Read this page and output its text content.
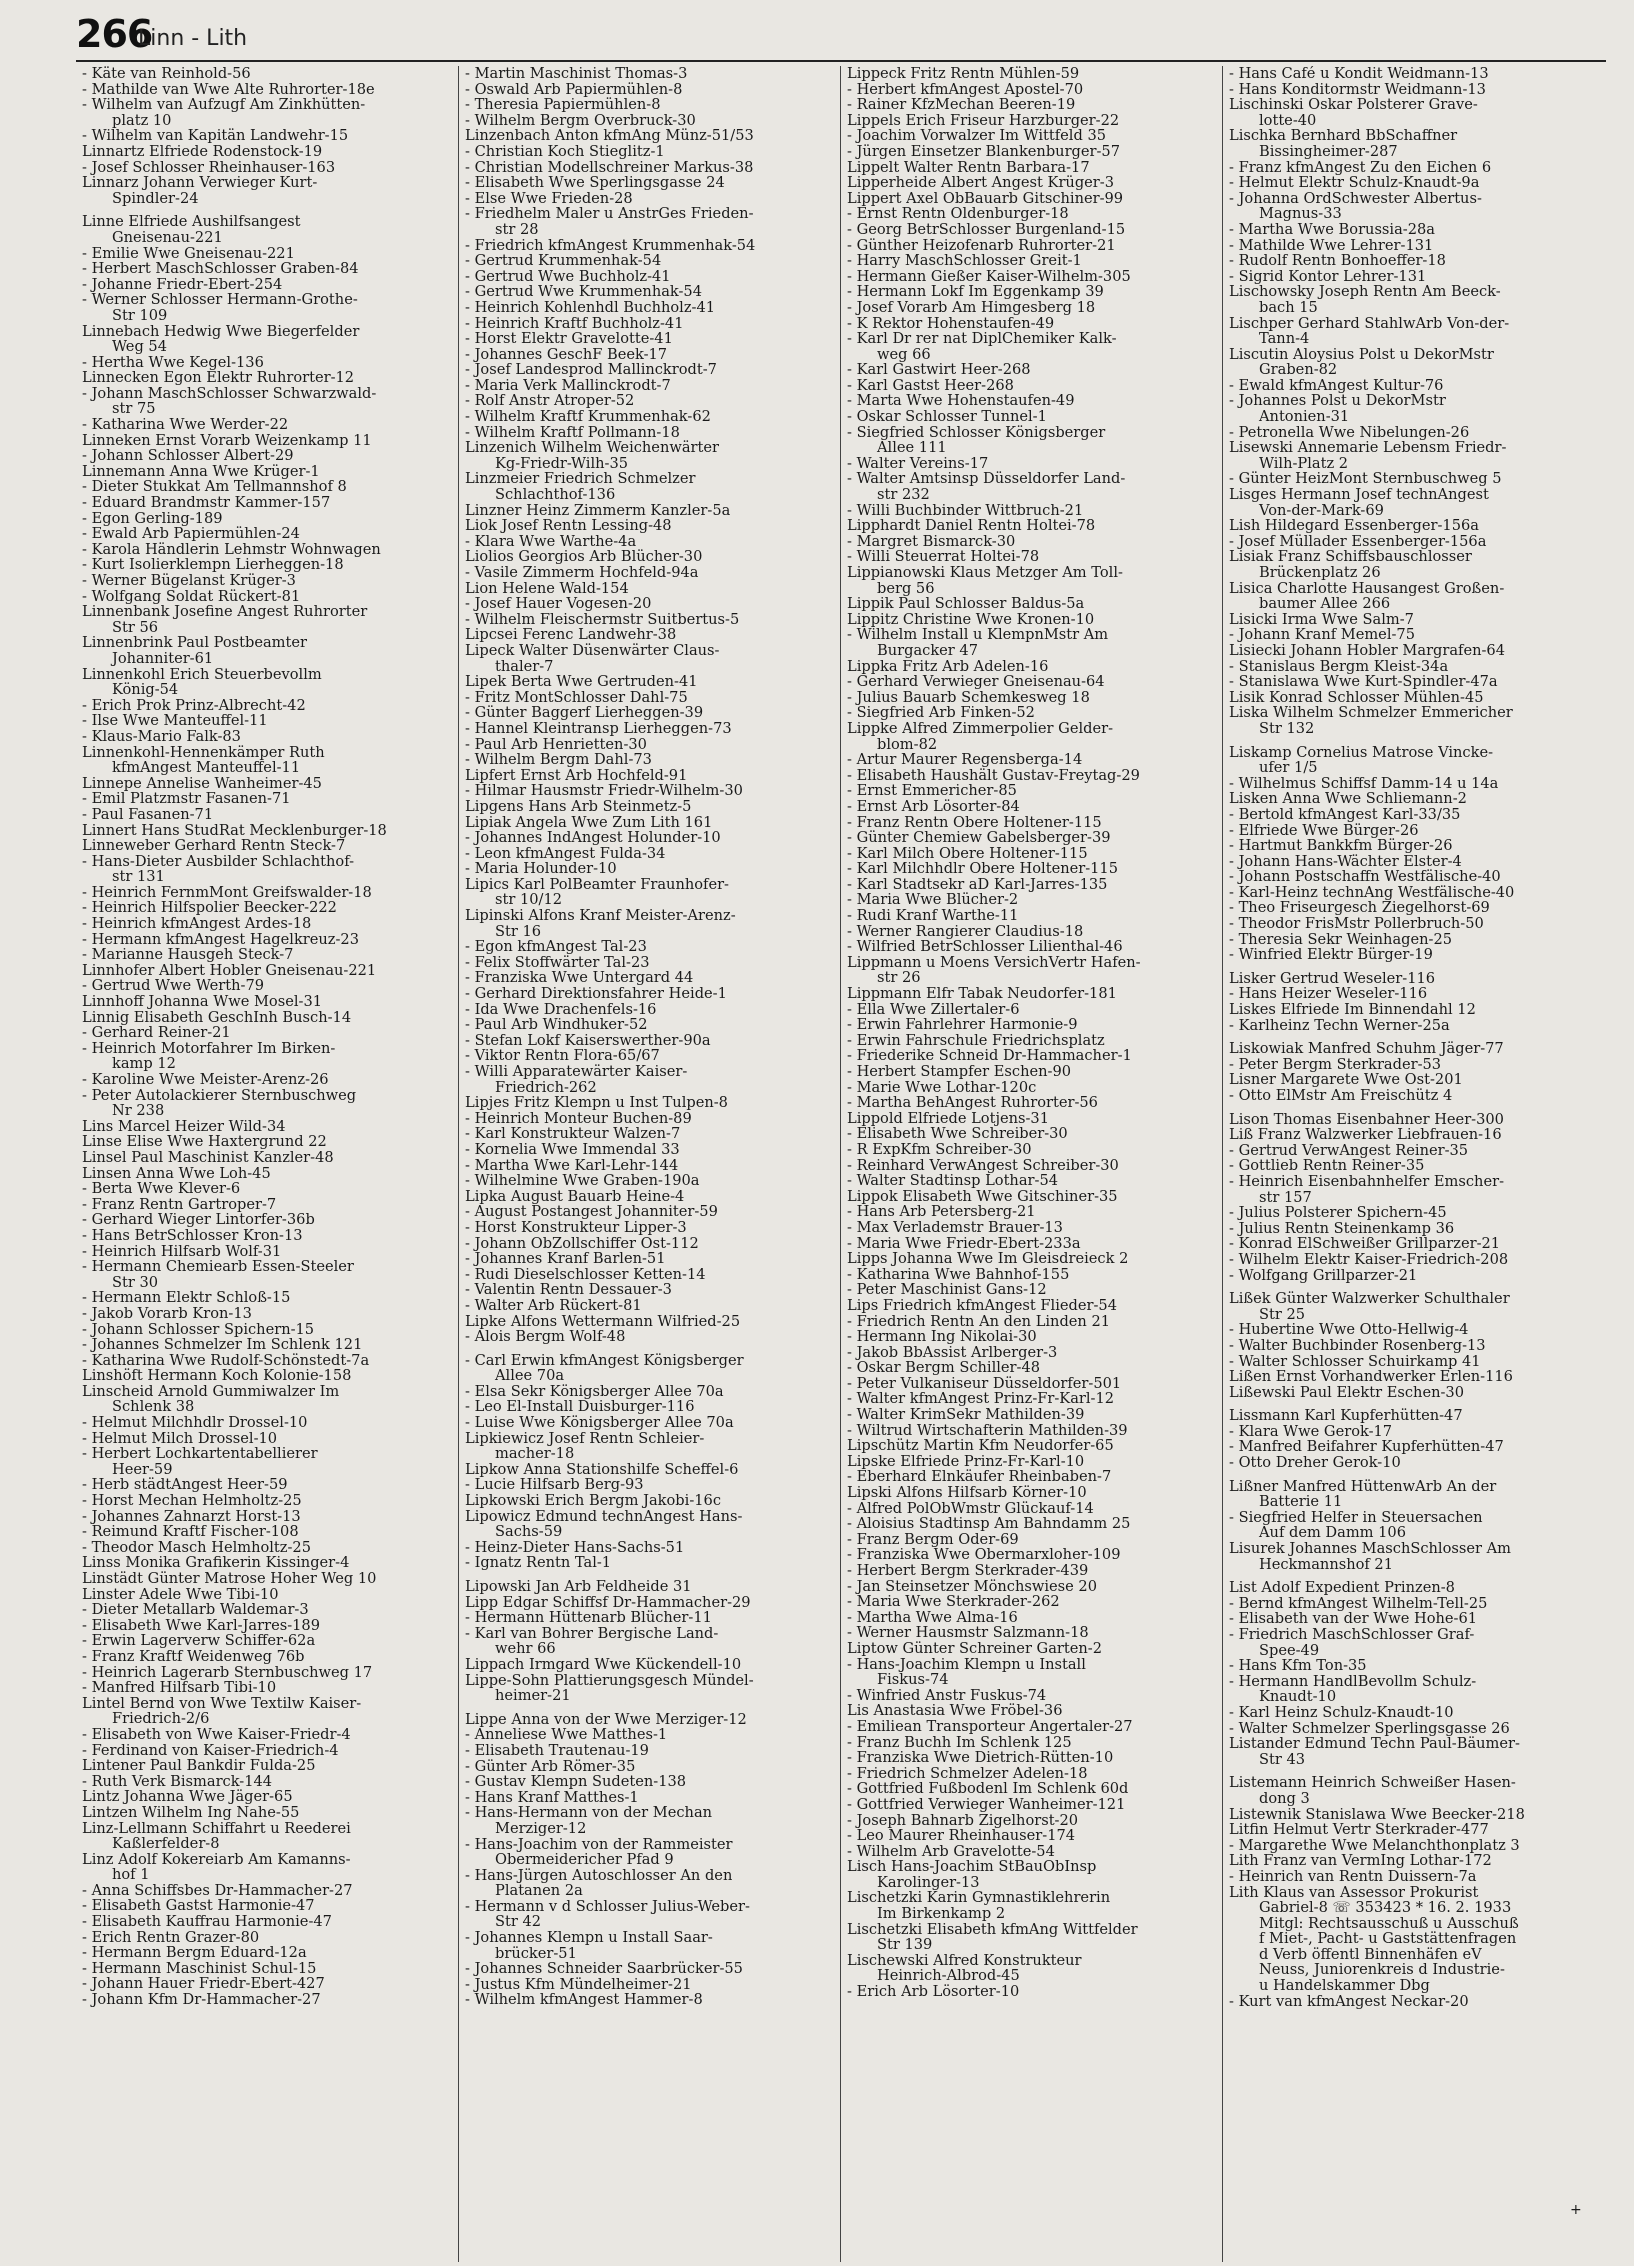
266
Linn - Lith
- Käte van Reinhold-56
- Mathilde van Wwe Alte Ruhrorter-18e
- Wilhelm van Aufzugf Am Zinkhütten-
platz 10
- Wilhelm van Kapitän Landwehr-15
Linnartz Elfriede Rodenstock-19
- Josef Schlosser Rheinhauser-163
Linnarz Johann Verwieger Kurt-
Spindler-24
Linne Elfriede Aushilfsangest
Gneisenau-221
- Emilie Wwe Gneisenau-221
- Herbert MaschSchlosser Graben-84
- Johanne Friedr-Ebert-254
- Werner Schlosser Hermann-Grothe-
Str 109
Linnebach Hedwig Wwe Biegerfelder
Weg 54
- Hertha Wwe Kegel-136
Linnecken Egon Elektr Ruhrorter-12
- Johann MaschSchlosser Schwarzwald-
str 75
- Katharina Wwe Werder-22
Linneken Ernst Vorarb Weizenkamp 11
- Johann Schlosser Albert-29
Linnemann Anna Wwe Krüger-1
- Dieter Stukkat Am Tellmannshof 8
- Eduard Brandmstr Kammer-157
- Egon Gerling-189
- Ewald Arb Papiermühlen-24
- Karola Händlerin Lehmstr Wohnwagen
- Kurt Isolierklempn Lierheggen-18
- Werner Bügelanst Krüger-3
- Wolfgang Soldat Rückert-81
Linnenbank Josefine Angest Ruhrorter
Str 56
Linnenbrink Paul Postbeamter
Johanniter-61
Linnenkohl Erich Steuerbevollm
König-54
- Erich Prok Prinz-Albrecht-42
- Ilse Wwe Manteuffel-11
- Klaus-Mario Falk-83
Linnenkohl-Hennenkämper Ruth
kfmAngest Manteuffel-11
Linnepe Annelise Wanheimer-45
- Emil Platzmstr Fasanen-71
- Paul Fasanen-71
Linnert Hans StudRat Mecklenburger-18
Linneweber Gerhard Rentn Steck-7
- Hans-Dieter Ausbilder Schlachthof-
str 131
- Heinrich FernmMont Greifswalder-18
- Heinrich Hilfspolier Beecker-222
- Heinrich kfmAngest Ardes-18
- Hermann kfmAngest Hagelkreuz-23
- Marianne Hausgeh Steck-7
Linnhofer Albert Hobler Gneisenau-221
- Gertrud Wwe Werth-79
Linnhoff Johanna Wwe Mosel-31
Linnig Elisabeth GeschInh Busch-14
- Gerhard Reiner-21
- Heinrich Motorfahrer Im Birken-
kamp 12
- Karoline Wwe Meister-Arenz-26
- Peter Autolackierer Sternbuschweg
Nr 238
Lins Marcel Heizer Wild-34
Linse Elise Wwe Haxtergrund 22
Linsel Paul Maschinist Kanzler-48
Linsen Anna Wwe Loh-45
- Berta Wwe Klever-6
- Franz Rentn Gartroper-7
- Gerhard Wieger Lintorfer-36b
- Hans BetrSchlosser Kron-13
- Heinrich Hilfsarb Wolf-31
- Hermann Chemiearb Essen-Steeler
Str 30
- Hermann Elektr Schloß-15
- Jakob Vorarb Kron-13
- Johann Schlosser Spichern-15
- Johannes Schmelzer Im Schlenk 121
- Katharina Wwe Rudolf-Schönstedt-7a
Linshöft Hermann Koch Kolonie-158
Linscheid Arnold Gummiwalzer Im
Schlenk 38
- Helmut Milchhdlr Drossel-10
- Helmut Milch Drossel-10
- Herbert Lochkartentabellierer
Heer-59
- Herb städtAngest Heer-59
- Horst Mechan Helmholtz-25
- Johannes Zahnarzt Horst-13
- Reimund Kraftf Fischer-108
- Theodor Masch Helmholtz-25
Linss Monika Grafikerin Kissinger-4
Linstädt Günter Matrose Hoher Weg 10
Linster Adele Wwe Tibi-10
- Dieter Metallarb Waldemar-3
- Elisabeth Wwe Karl-Jarres-189
- Erwin Lagerverw Schiffer-62a
- Franz Kraftf Weidenweg 76b
- Heinrich Lagerarb Sternbuschweg 17
- Manfred Hilfsarb Tibi-10
Lintel Bernd von Wwe Textilw Kaiser-
Friedrich-2/6
- Elisabeth von Wwe Kaiser-Friedr-4
- Ferdinand von Kaiser-Friedrich-4
Lintener Paul Bankdir Fulda-25
- Ruth Verk Bismarck-144
Lintz Johanna Wwe Jäger-65
Lintzen Wilhelm Ing Nahe-55
Linz-Lellmann Schiffahrt u Reederei
Kaßlerfelder-8
Linz Adolf Kokereiarb Am Kamanns-
hof 1
- Anna Schiffsbes Dr-Hammacher-27
- Elisabeth Gastst Harmonie-47
- Elisabeth Kauffrau Harmonie-47
- Erich Rentn Grazer-80
- Hermann Bergm Eduard-12a
- Hermann Maschinist Schul-15
- Johann Hauer Friedr-Ebert-427
- Johann Kfm Dr-Hammacher-27
- Martin Maschinist Thomas-3
- Oswald Arb Papiermühlen-8
- Theresia Papiermühlen-8
- Wilhelm Bergm Overbruck-30
Linzenbach Anton kfmAng Münz-51/53
- Christian Koch Stieglitz-1
- Christian Modellschreiner Markus-38
- Elisabeth Wwe Sperlingsgasse 24
- Else Wwe Frieden-28
- Friedhelm Maler u AnstrGes Frieden-
str 28
- Friedrich kfmAngest Krummenhak-54
- Gertrud Krummenhak-54
- Gertrud Wwe Buchholz-41
- Gertrud Wwe Krummenhak-54
- Heinrich Kohlenhdl Buchholz-41
- Heinrich Kraftf Buchholz-41
- Horst Elektr Gravelotte-41
- Johannes GeschF Beek-17
- Josef Landesprod Mallinckrodt-7
- Maria Verk Mallinckrodt-7
- Rolf Anstr Atroper-52
- Wilhelm Kraftf Krummenhak-62
- Wilhelm Kraftf Pollmann-18
Linzenich Wilhelm Weichenwärter
Kg-Friedr-Wilh-35
Linzmeier Friedrich Schmelzer
Schlachthof-136
Linzner Heinz Zimmerm Kanzler-5a
Liok Josef Rentn Lessing-48
- Klara Wwe Warthe-4a
Liolios Georgios Arb Blücher-30
- Vasile Zimmerm Hochfeld-94a
Lion Helene Wald-154
- Josef Hauer Vogesen-20
- Wilhelm Fleischermstr Suitbertus-5
Lipcsei Ferenc Landwehr-38
Lipeck Walter Düsenwärter Claus-
thaler-7
Lipek Berta Wwe Gertruden-41
- Fritz MontSchlosser Dahl-75
- Günter Baggerf Lierheggen-39
- Hannel Kleintransp Lierheggen-73
- Paul Arb Henrietten-30
- Wilhelm Bergm Dahl-73
Lipfert Ernst Arb Hochfeld-91
- Hilmar Hausmstr Friedr-Wilhelm-30
Lipgens Hans Arb Steinmetz-5
Lipiak Angela Wwe Zum Lith 161
- Johannes IndAngest Holunder-10
- Leon kfmAngest Fulda-34
- Maria Holunder-10
Lipics Karl PolBeamter Fraunhofer-
str 10/12
Lipinski Alfons Kranf Meister-Arenz-
Str 16
- Egon kfmAngest Tal-23
- Felix Stoffwärter Tal-23
- Franziska Wwe Untergard 44
- Gerhard Direktionsfahrer Heide-1
- Ida Wwe Drachenfels-16
- Paul Arb Windhuker-52
- Stefan Lokf Kaiserswerther-90a
- Viktor Rentn Flora-65/67
- Willi Apparatewärter Kaiser-
Friedrich-262
Lipjes Fritz Klempn u Inst Tulpen-8
- Heinrich Monteur Buchen-89
- Karl Konstrukteur Walzen-7
- Kornelia Wwe Immendal 33
- Martha Wwe Karl-Lehr-144
- Wilhelmine Wwe Graben-190a
Lipka August Bauarb Heine-4
- August Postangest Johanniter-59
- Horst Konstrukteur Lipper-3
- Johann ObZollschiffer Ost-112
- Johannes Kranf Barlen-51
- Rudi Dieselschlosser Ketten-14
- Valentin Rentn Dessauer-3
- Walter Arb Rückert-81
Lipke Alfons Wettermann Wilfried-25
- Alois Bergm Wolf-48
- Carl Erwin kfmAngest Königsberger
Allee 70a
- Elsa Sekr Königsberger Allee 70a
- Leo El-Install Duisburger-116
- Luise Wwe Königsberger Allee 70a
Lipkiewicz Josef Rentn Schleier-
macher-18
Lipkow Anna Stationshilfe Scheffel-6
- Lucie Hilfsarb Berg-93
Lipkowski Erich Bergm Jakobi-16c
Lipowicz Edmund technAngest Hans-
Sachs-59
- Heinz-Dieter Hans-Sachs-51
- Ignatz Rentn Tal-1
Lipowski Jan Arb Feldheide 31
Lipp Edgar Schiffsf Dr-Hammacher-29
- Hermann Hüttenarb Blücher-11
- Karl van Bohrer Bergische Land-
wehr 66
Lippach Irmgard Wwe Kückendell-10
Lippe-Sohn Plattierungsgesch Mündel-
heimer-21
Lippe Anna von der Wwe Merziger-12
- Anneliese Wwe Matthes-1
- Elisabeth Trautenau-19
- Günter Arb Römer-35
- Gustav Klempn Sudeten-138
- Hans Kranf Matthes-1
- Hans-Hermann von der Mechan
Merziger-12
- Hans-Joachim von der Rammeister
Obermeidericher Pfad 9
- Hans-Jürgen Autoschlosser An den
Platanen 2a
- Hermann v d Schlosser Julius-Weber-
Str 42
- Johannes Klempn u Install Saar-
brücker-51
- Johannes Schneider Saarbrücker-55
- Justus Kfm Mündelheimer-21
- Wilhelm kfmAngest Hammer-8
Lippeck Fritz Rentn Mühlen-59
- Herbert kfmAngest Apostel-70
- Rainer KfzMechan Beeren-19
Lippels Erich Friseur Harzburger-22
- Joachim Vorwalzer Im Wittfeld 35
- Jürgen Einsetzer Blankenburger-57
Lippelt Walter Rentn Barbara-17
Lipperheide Albert Angest Krüger-3
Lippert Axel ObBauarb Gitschiner-99
- Ernst Rentn Oldenburger-18
- Georg BetrSchlosser Burgenland-15
- Günther Heizofenarb Ruhrorter-21
- Harry MaschSchlosser Greit-1
- Hermann Gießer Kaiser-Wilhelm-305
- Hermann Lokf Im Eggenkamp 39
- Josef Vorarb Am Himgesberg 18
- K Rektor Hohenstaufen-49
- Karl Dr rer nat DiplChemiker Kalk-
weg 66
- Karl Gastwirt Heer-268
- Karl Gastst Heer-268
- Marta Wwe Hohenstaufen-49
- Oskar Schlosser Tunnel-1
- Siegfried Schlosser Königsberger
Allee 111
- Walter Vereins-17
- Walter Amtsinsp Düsseldorfer Land-
str 232
- Willi Buchbinder Wittbruch-21
Lipphardt Daniel Rentn Holtei-78
- Margret Bismarck-30
- Willi Steuerrat Holtei-78
Lippianowski Klaus Metzger Am Toll-
berg 56
Lippik Paul Schlosser Baldus-5a
Lippitz Christine Wwe Kronen-10
- Wilhelm Install u KlempnMstr Am
Burgacker 47
Lippka Fritz Arb Adelen-16
- Gerhard Verwieger Gneisenau-64
- Julius Bauarb Schemkesweg 18
- Siegfried Arb Finken-52
Lippke Alfred Zimmerpolier Gelder-
blom-82
- Artur Maurer Regensberga-14
- Elisabeth Haushält Gustav-Freytag-29
- Ernst Emmericher-85
- Ernst Arb Lösorter-84
- Franz Rentn Obere Holtener-115
- Günter Chemiew Gabelsberger-39
- Karl Milch Obere Holtener-115
- Karl Milchhdlr Obere Holtener-115
- Karl Stadtsekr aD Karl-Jarres-135
- Maria Wwe Blücher-2
- Rudi Kranf Warthe-11
- Werner Rangierer Claudius-18
- Wilfried BetrSchlosser Lilienthal-46
Lippmann u Moens VersichVertr Hafen-
str 26
Lippmann Elfr Tabak Neudorfer-181
- Ella Wwe Zillertaler-6
- Erwin Fahrlehrer Harmonie-9
- Erwin Fahrschule Friedrichsplatz
- Friederike Schneid Dr-Hammacher-1
- Herbert Stampfer Eschen-90
- Marie Wwe Lothar-120c
- Martha BehAngest Ruhrorter-56
Lippold Elfriede Lotjens-31
- Elisabeth Wwe Schreiber-30
- R ExpKfm Schreiber-30
- Reinhard VerwAngest Schreiber-30
- Walter Stadtinsp Lothar-54
Lippok Elisabeth Wwe Gitschiner-35
- Hans Arb Petersberg-21
- Max Verlademstr Brauer-13
- Maria Wwe Friedr-Ebert-233a
Lipps Johanna Wwe Im Gleisdreieck 2
- Katharina Wwe Bahnhof-155
- Peter Maschinist Gans-12
Lips Friedrich kfmAngest Flieder-54
- Friedrich Rentn An den Linden 21
- Hermann Ing Nikolai-30
- Jakob BbAssist Arlberger-3
- Oskar Bergm Schiller-48
- Peter Vulkaniseur Düsseldorfer-501
- Walter kfmAngest Prinz-Fr-Karl-12
- Walter KrimSekr Mathilden-39
- Wiltrud Wirtschafterin Mathilden-39
Lipschütz Martin Kfm Neudorfer-65
Lipske Elfriede Prinz-Fr-Karl-10
- Eberhard Elnkäufer Rheinbaben-7
Lipski Alfons Hilfsarb Körner-10
- Alfred PolObWmstr Glückauf-14
- Aloisius Stadtinsp Am Bahndamm 25
- Franz Bergm Oder-69
- Franziska Wwe Obermarxloher-109
- Herbert Bergm Sterkrader-439
- Jan Steinsetzer Mönchswiese 20
- Maria Wwe Sterkrader-262
- Martha Wwe Alma-16
- Werner Hausmstr Salzmann-18
Liptow Günter Schreiner Garten-2
- Hans-Joachim Klempn u Install
Fiskus-74
- Winfried Anstr Fuskus-74
Lis Anastasia Wwe Fröbel-36
- Emiliean Transporteur Angertaler-27
- Franz Buchh Im Schlenk 125
- Franziska Wwe Dietrich-Rütten-10
- Friedrich Schmelzer Adelen-18
- Gottfried Fußbodenl Im Schlenk 60d
- Gottfried Verwieger Wanheimer-121
- Joseph Bahnarb Zigelhorst-20
- Leo Maurer Rheinhauser-174
- Wilhelm Arb Gravelotte-54
Lisch Hans-Joachim StBauObInsp
Karolinger-13
Lischetzki Karin Gymnastiklehrerin
Im Birkenkamp 2
Lischetzki Elisabeth kfmAng Wittfelder
Str 139
Lischewski Alfred Konstrukteur
Heinrich-Albrod-45
- Erich Arb Lösorter-10
- Hans Café u Kondit Weidmann-13
- Hans Konditormstr Weidmann-13
Lischinski Oskar Polsterer Grave-
lotte-40
Lischka Bernhard BbSchaffner
Bissingheimer-287
- Franz kfmAngest Zu den Eichen 6
- Helmut Elektr Schulz-Knaudt-9a
- Johanna OrdSchwester Albertus-
Magnus-33
- Martha Wwe Borussia-28a
- Mathilde Wwe Lehrer-131
- Rudolf Rentn Bonhoeffer-18
- Sigrid Kontor Lehrer-131
Lischowsky Joseph Rentn Am Beeck-
bach 15
Lischper Gerhard StahlwArb Von-der-
Tann-4
Liscutin Aloysius Polst u DekorMstr
Graben-82
- Ewald kfmAngest Kultur-76
- Johannes Polst u DekorMstr
Antonien-31
- Petronella Wwe Nibelungen-26
Lisewski Annemarie Lebensm Friedr-
Wilh-Platz 2
- Günter HeizMont Sternbuschweg 5
Lisges Hermann Josef technAngest
Von-der-Mark-69
Lish Hildegard Essenberger-156a
- Josef Müllader Essenberger-156a
Lisiak Franz Schiffsbauschlosser
Brückenplatz 26
Lisica Charlotte Hausangest Großen-
baumer Allee 266
Lisicki Irma Wwe Salm-7
- Johann Kranf Memel-75
Lisiecki Johann Hobler Margrafen-64
- Stanislaus Bergm Kleist-34a
- Stanislawa Wwe Kurt-Spindler-47a
Lisik Konrad Schlosser Mühlen-45
Liska Wilhelm Schmelzer Emmericher
Str 132
Liskamp Cornelius Matrose Vincke-
ufer 1/5
- Wilhelmus Schiffsf Damm-14 u 14a
Lisken Anna Wwe Schliemann-2
- Bertold kfmAngest Karl-33/35
- Elfriede Wwe Bürger-26
- Hartmut Bankkfm Bürger-26
- Johann Hans-Wächter Elster-4
- Johann Postschaffn Westfälische-40
- Karl-Heinz technAng Westfälische-40
- Theo Friseurgesch Ziegelhorst-69
- Theodor FrisMstr Pollerbruch-50
- Theresia Sekr Weinhagen-25
- Winfried Elektr Bürger-19
Lisker Gertrud Weseler-116
- Hans Heizer Weseler-116
Liskes Elfriede Im Binnendahl 12
- Karlheinz Techn Werner-25a
Liskowiak Manfred Schuhm Jäger-77
- Peter Bergm Sterkrader-53
Lisner Margarete Wwe Ost-201
- Otto ElMstr Am Freischütz 4
Lison Thomas Eisenbahner Heer-300
Liß Franz Walzwerker Liebfrauen-16
- Gertrud VerwAngest Reiner-35
- Gottlieb Rentn Reiner-35
- Heinrich Eisenbahnhelfer Emscher-
str 157
- Julius Polsterer Spichern-45
- Julius Rentn Steinenkamp 36
- Konrad ElSchweißer Grillparzer-21
- Wilhelm Elektr Kaiser-Friedrich-208
- Wolfgang Grillparzer-21
Lißek Günter Walzwerker Schulthaler
Str 25
- Hubertine Wwe Otto-Hellwig-4
- Walter Buchbinder Rosenberg-13
- Walter Schlosser Schuirkamp 41
Lißen Ernst Vorhandwerker Erlen-116
Lißewski Paul Elektr Eschen-30
Lissmann Karl Kupferhütten-47
- Klara Wwe Gerok-17
- Manfred Beifahrer Kupferhütten-47
- Otto Dreher Gerok-10
Lißner Manfred HüttenwArb An der
Batterie 11
- Siegfried Helfer in Steuersachen
Auf dem Damm 106
Lisurek Johannes MaschSchlosser Am
Heckmannshof 21
List Adolf Expedient Prinzen-8
- Bernd kfmAngest Wilhelm-Tell-25
- Elisabeth van der Wwe Hohe-61
- Friedrich MaschSchlosser Graf-
Spee-49
- Hans Kfm Ton-35
- Hermann HandlBevollm Schulz-
Knaudt-10
- Karl Heinz Schulz-Knaudt-10
- Walter Schmelzer Sperlingsgasse 26
Listander Edmund Techn Paul-Bäumer-
Str 43
Listemann Heinrich Schweißer Hasen-
dong 3
Listewnik Stanislawa Wwe Beecker-218
Litfin Helmut Vertr Sterkrader-477
- Margarethe Wwe Melanchthonplatz 3
Lith Franz van VermIng Lothar-172
- Heinrich van Rentn Duissern-7a
Lith Klaus van Assessor Prokurist
Gabriel-8 ☏ 353423 * 16. 2. 1933
Mitgl: Rechtsausschuß u Ausschuß
f Miet-, Pacht- u Gaststättenfragen
d Verb öffentl Binnenhäfen eV
Neuss, Juniorenkreis d Industrie-
u Handelskammer Dbg
- Kurt van kfmAngest Neckar-20
+
